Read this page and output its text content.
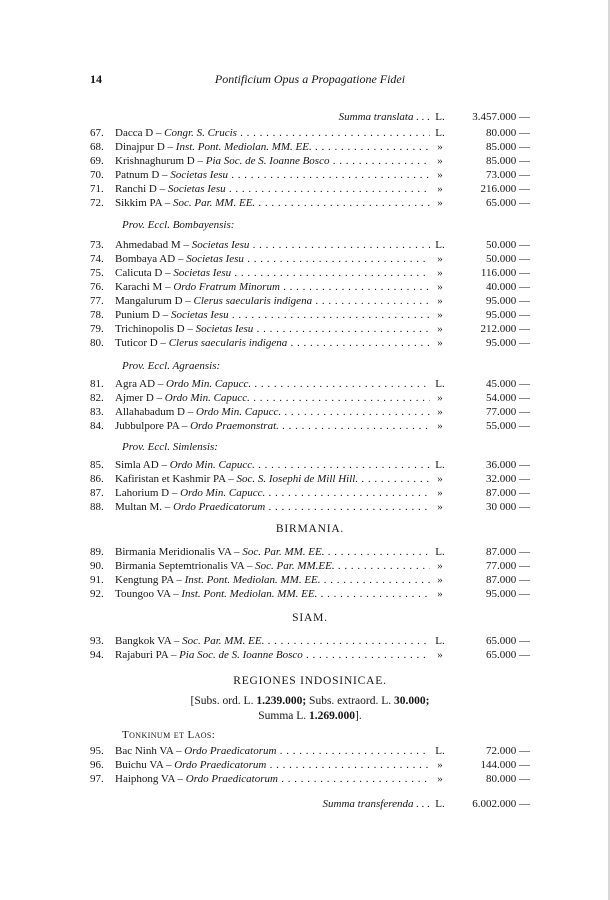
14	Pontificium Opus a Propagatione Fidei
Summa translata . . .	L.	3.457.000 —
67.	Dacca D – Congr. S. Crucis . . .	L.	80.000 —
68.	Dinajpur D – Inst. Pont. Mediolan. MM. EE. . . .	»	85.000 —
69.	Krishnaghurum D – Pia Soc. de S. Ioanne Bosco . . .	»	85.000 —
70.	Patnum D – Societas Iesu . . .	»	73.000 —
71.	Ranchi D – Societas Iesu . . .	»	216.000 —
72.	Sikkim PA – Soc. Par. MM. EE. . . .	»	65.000 —
Prov. Eccl. Bombayensis:
73.	Ahmedabad M – Societas Iesu . . .	L.	50.000 —
74.	Bombaya AD – Societas Iesu . . .	»	50.000 —
75.	Calicuta D – Societas Iesu . . .	»	116.000 —
76.	Karachi M – Ordo Fratrum Minorum . . .	»	40.000 —
77.	Mangalurum D – Clerus saecularis indigena . . .	»	95.000 —
78.	Punium D – Societas Iesu . . .	»	95.000 —
79.	Trichinopolis D – Societas Iesu . . .	»	212.000 —
80.	Tuticor D – Clerus saecularis indigena . . .	»	95.000 —
Prov. Eccl. Agraensis:
81.	Agra AD – Ordo Min. Capucc. . . .	L.	45.000 —
82.	Ajmer D – Ordo Min. Capucc. . . .	»	54.000 —
83.	Allahabadum D – Ordo Min. Capucc. . . .	»	77.000 —
84.	Jubbulpore PA – Ordo Praemonstrat. . . .	»	55.000 —
Prov. Eccl. Simlensis:
85.	Simla AD – Ordo Min. Capucc. . . .	L.	36.000 —
86.	Kafiristan et Kashmir PA – Soc. S. Iosephi de Mill Hill. . . .	»	32.000 —
87.	Lahorium D – Ordo Min. Capucc. . . .	»	87.000 —
88.	Multan M. – Ordo Praedicatorum . . .	»	30 000 —
BIRMANIA.
89.	Birmania Meridionalis VA – Soc. Par. MM. EE. . . .	L.	87.000 —
90.	Birmania Septemtrionalis VA – Soc. Par. MM.EE. . . .	»	77.000 —
91.	Kengtung PA – Inst. Pont. Mediolan. MM. EE. . . .	»	87.000 —
92.	Toungoo VA – Inst. Pont. Mediolan. MM. EE. . . .	»	95.000 —
SIAM.
93.	Bangkok VA – Soc. Par. MM. EE. . . .	L.	65.000 —
94.	Rajaburi PA – Pia Soc. de S. Ioanne Bosco . . .	»	65.000 —
REGIONES INDOSINICAE.
[Subs. ord. L. 1.239.000; Subs. extraord. L. 30.000;
Summa L. 1.269.000].
Tonkinum et Laos:
95.	Bac Ninh VA – Ordo Praedicatorum . . .	L.	72.000 —
96.	Buichu VA – Ordo Praedicatorum . . .	»	144.000 —
97.	Haiphong VA – Ordo Praedicatorum . . .	»	80.000 —
Summa transferenda . . .	L.	6.002.000 —
